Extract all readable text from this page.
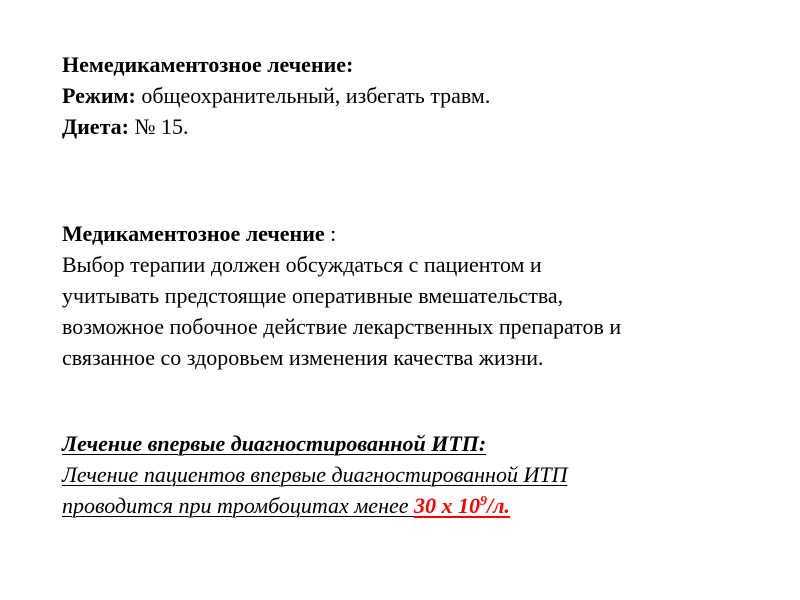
Немедикаментозное лечение:
Режим: общеохранительный, избегать травм.
Диета: № 15.
Медикаментозное лечение :
Выбор терапии должен обсуждаться с пациентом и
учитывать предстоящие оперативные вмешательства,
возможное побочное действие лекарственных препаратов и
связанное со здоровьем изменения качества жизни.
Лечение впервые диагностированной ИТП:
Лечение пациентов впервые диагностированной ИТП
проводится при тромбоцитах менее 30 х $10^9/л$.
